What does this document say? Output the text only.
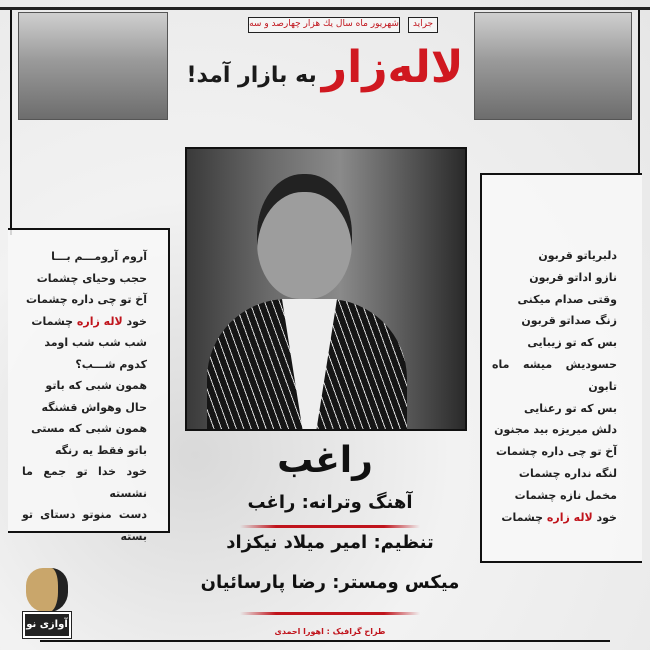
جراید
شهریور ماه سال یك هزار چهارصد و سه
لاله‌زار به بازار آمد!
آروم آرومـــم بـــا
حجب وحیای چشمات
آخ تو چی داره چشمات
خود لاله زاره چشمات
شب شب شب اومد
کدوم شـــب؟
همون شبی که باتو
حال وهواش قشنگه
همون شبی که مستی
باتو فقط یه رنگه
خود خدا تو جمع ما نشسته
دست منوتو دستای تو بسته
دلبریاتو قربون
نازو اداتو قربون
وقتی صدام میکنی
زنگ صداتو قربون
بس که تو زیبایی
حسودیش میشه ماه تابون
بس که تو رعنایی
دلش میریزه بید مجنون
آخ تو چی داره چشمات
لنگه نداره چشمات
مخمل نازه چشمات
خود لاله زاره چشمات
راغب
آهنگ وترانه: راغب
تنظیم: امیر میلاد نیکزاد
میکس ومستر: رضا پارسائیان
طراح گرافیک : اهورا احمدی
آوازی نو
